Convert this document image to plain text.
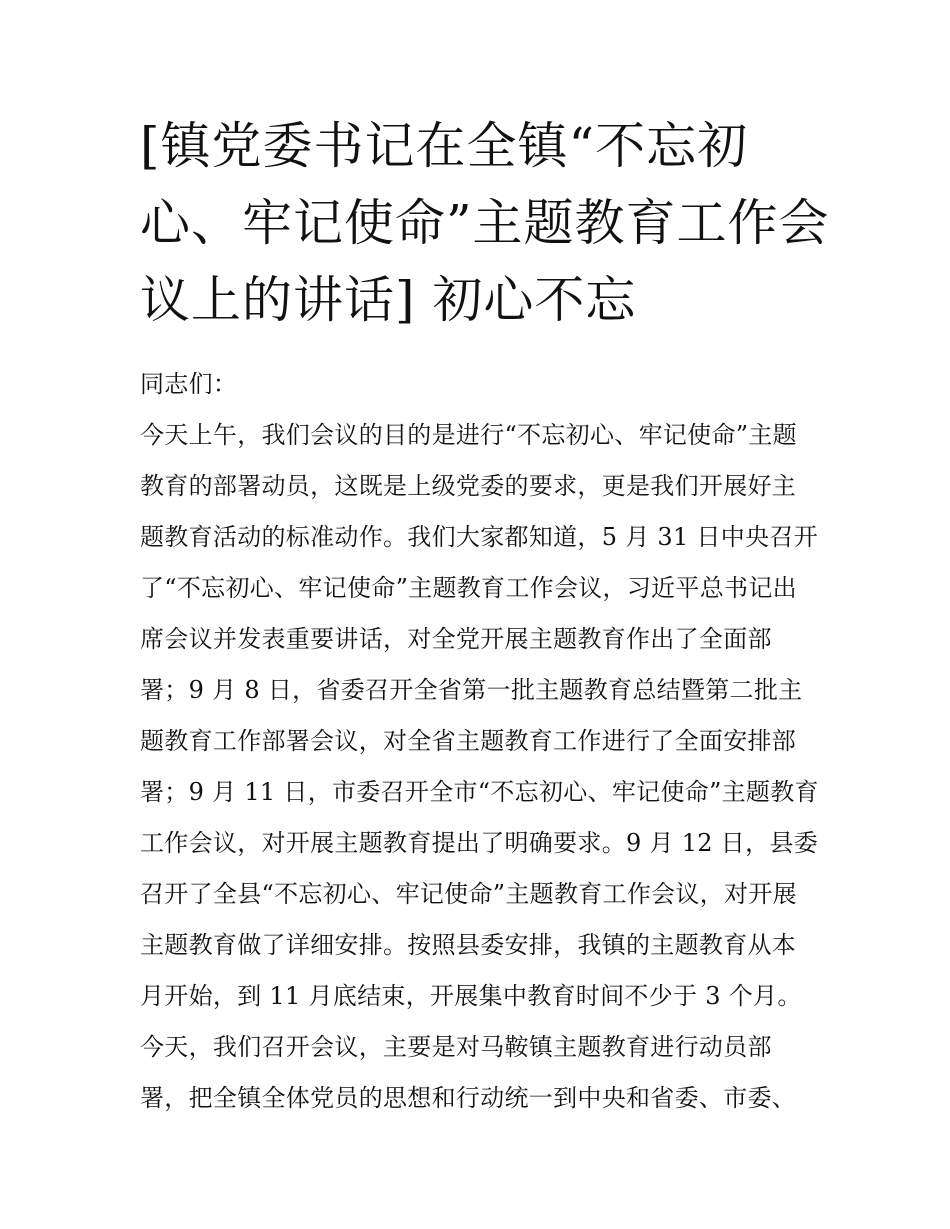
[镇党委书记在全镇“不忘初
心、牢记使命”主题教育工作会
议上的讲话] 初心不忘
同志们：
今天上午，我们会议的目的是进行“不忘初心、牢记使命”主题
教育的部署动员，这既是上级党委的要求，更是我们开展好主
题教育活动的标准动作。我们大家都知道，5 月 31 日中央召开
了“不忘初心、牢记使命”主题教育工作会议，习近平总书记出
席会议并发表重要讲话，对全党开展主题教育作出了全面部
署；9 月 8 日，省委召开全省第一批主题教育总结暨第二批主
题教育工作部署会议，对全省主题教育工作进行了全面安排部
署；9 月 11 日，市委召开全市“不忘初心、牢记使命”主题教育
工作会议，对开展主题教育提出了明确要求。9 月 12 日，县委
召开了全县“不忘初心、牢记使命”主题教育工作会议，对开展
主题教育做了详细安排。按照县委安排，我镇的主题教育从本
月开始，到 11 月底结束，开展集中教育时间不少于 3 个月。
今天，我们召开会议，主要是对马鞍镇主题教育进行动员部
署，把全镇全体党员的思想和行动统一到中央和省委、市委、
